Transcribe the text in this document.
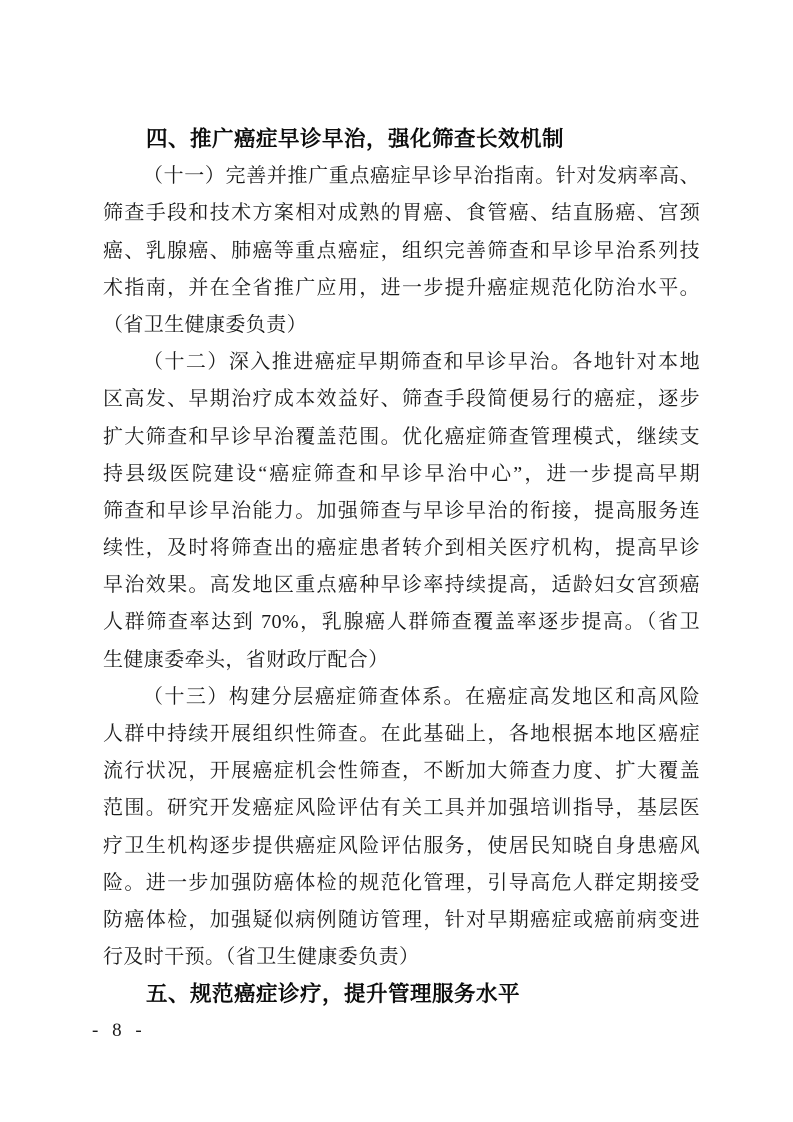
四、推广癌症早诊早治，强化筛查长效机制
（十一）完善并推广重点癌症早诊早治指南。针对发病率高、
筛查手段和技术方案相对成熟的胃癌、食管癌、结直肠癌、宫颈
癌、乳腺癌、肺癌等重点癌症，组织完善筛查和早诊早治系列技
术指南，并在全省推广应用，进一步提升癌症规范化防治水平。
（省卫生健康委负责）
（十二）深入推进癌症早期筛查和早诊早治。各地针对本地
区高发、早期治疗成本效益好、筛查手段简便易行的癌症，逐步
扩大筛查和早诊早治覆盖范围。优化癌症筛查管理模式，继续支
持县级医院建设“癌症筛查和早诊早治中心”，进一步提高早期
筛查和早诊早治能力。加强筛查与早诊早治的衔接，提高服务连
续性，及时将筛查出的癌症患者转介到相关医疗机构，提高早诊
早治效果。高发地区重点癌种早诊率持续提高，适龄妇女宫颈癌
人群筛查率达到 70%，乳腺癌人群筛查覆盖率逐步提高。（省卫
生健康委牵头，省财政厅配合）
（十三）构建分层癌症筛查体系。在癌症高发地区和高风险
人群中持续开展组织性筛查。在此基础上，各地根据本地区癌症
流行状况，开展癌症机会性筛查，不断加大筛查力度、扩大覆盖
范围。研究开发癌症风险评估有关工具并加强培训指导，基层医
疗卫生机构逐步提供癌症风险评估服务，使居民知晓自身患癌风
险。进一步加强防癌体检的规范化管理，引导高危人群定期接受
防癌体检，加强疑似病例随访管理，针对早期癌症或癌前病变进
行及时干预。（省卫生健康委负责）
五、规范癌症诊疗，提升管理服务水平
- 8 -
